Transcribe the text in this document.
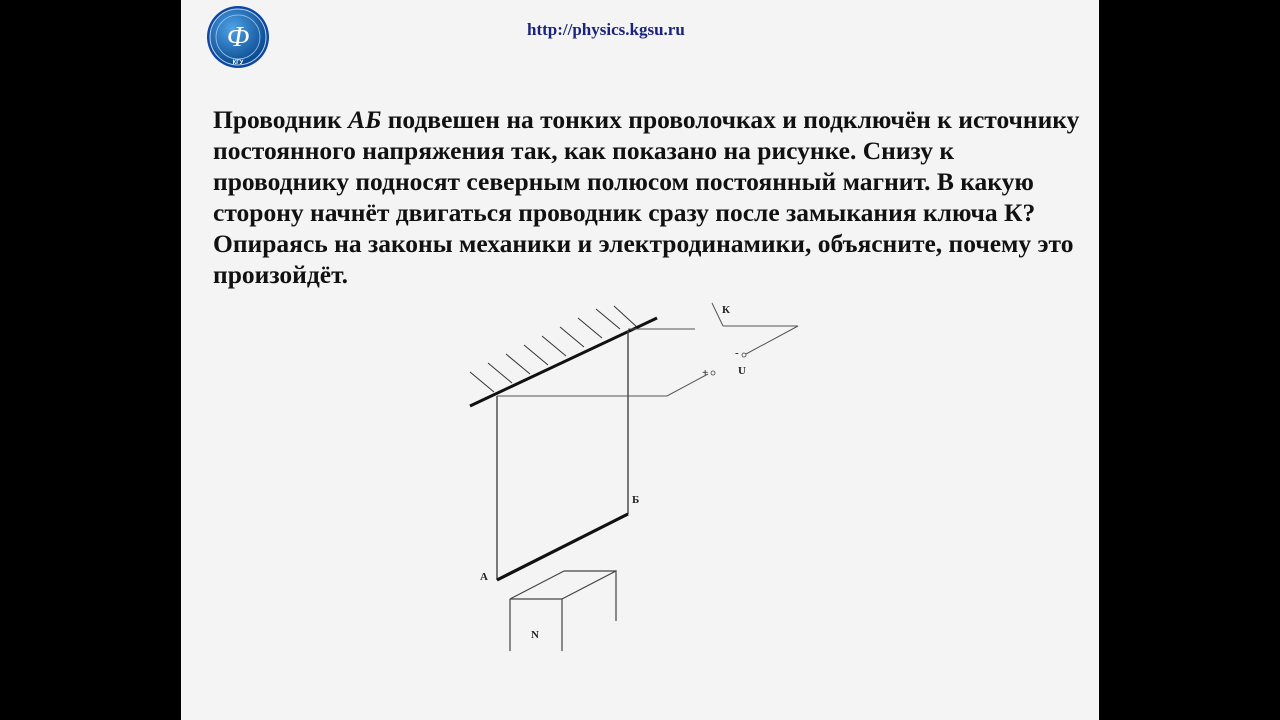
Ф
КГУ
http://physics.kgsu.ru
Проводник АБ подвешен на тонких проволочках и подключён к источнику постоянного напряжения так, как показано на рисунке. Снизу к проводнику подносят северным полюсом постоянный магнит. В какую сторону начнёт двигаться проводник сразу после замыкания ключа К? Опираясь на законы механики и электродинамики, объясните, почему это произойдёт.
К
-
+	U
А
Б
N
